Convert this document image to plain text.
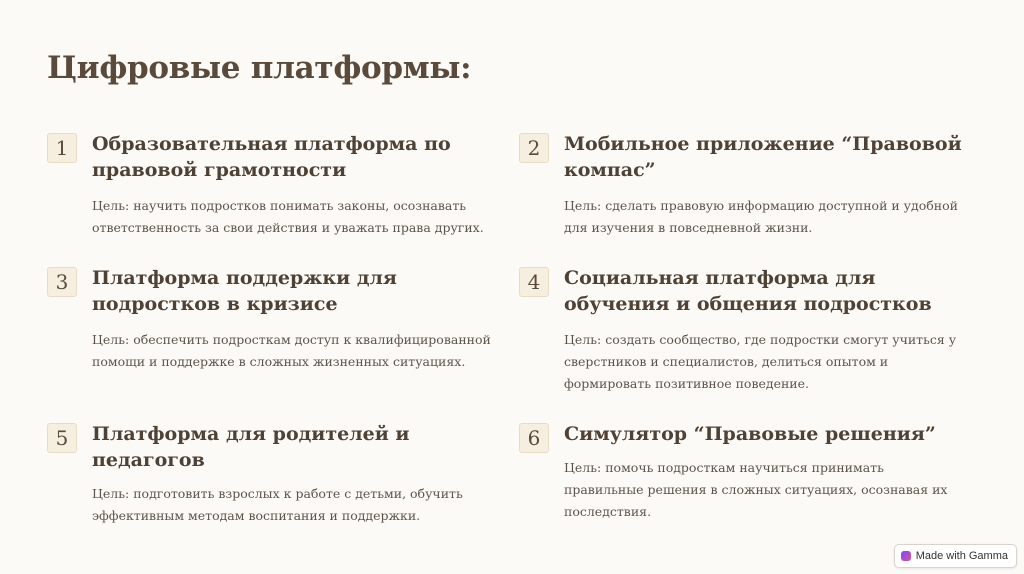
Цифровые платформы:
1	Образовательная платформа по правовой грамотности

Цель: научить подростков понимать законы, осознавать ответственность за свои действия и уважать права других.

2	Мобильное приложение “Правовой компас”

Цель: сделать правовую информацию доступной и удобной для изучения в повседневной жизни.

3	Платформа поддержки для подростков в кризисе

Цель: обеспечить подросткам доступ к квалифицированной помощи и поддержке в сложных жизненных ситуациях.

4	Социальная платформа для обучения и общения подростков

Цель: создать сообщество, где подростки смогут учиться у сверстников и специалистов, делиться опытом и формировать позитивное поведение.

5	Платформа для родителей и педагогов

Цель: подготовить взрослых к работе с детьми, обучить эффективным методам воспитания и поддержки.

6	Симулятор “Правовые решения”

Цель: помочь подросткам научиться принимать правильные решения в сложных ситуациях, осознавая их последствия.

Made with Gamma
